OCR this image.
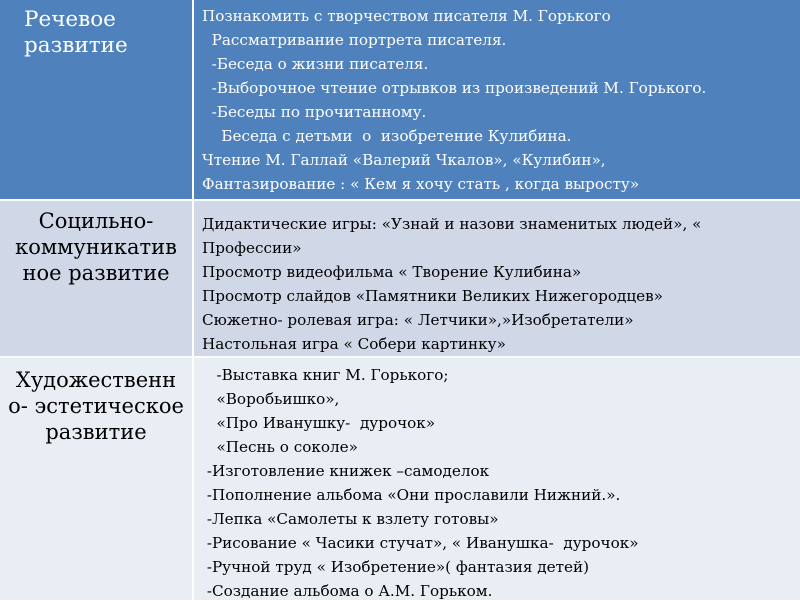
Речевое
развитие
Познакомить с творчеством писателя М. Горького
Рассматривание портрета писателя.
-Беседа о жизни писателя.
-Выборочное чтение отрывков из произведений М. Горького.
-Беседы по прочитанному.
Беседа с детьми  о  изобретение Кулибина.
Чтение М. Галлай «Валерий Чкалов», «Кулибин»,
Фантазирование : « Кем я хочу стать , когда выросту»
Социльно-
коммуникатив
ное развитие
Дидактические игры: «Узнай и назови знаменитых людей», «
Профессии»
Просмотр видеофильма « Творение Кулибина»
Просмотр слайдов «Памятники Великих Нижегородцев»
Сюжетно- ролевая игра: « Летчики»,»Изобретатели»
Настольная игра « Собери картинку»
Художественн
о- эстетическое
развитие
-Выставка книг М. Горького;
«Воробьишко»,
«Про Иванушку-  дурочок»
«Песнь о соколе»
-Изготовление книжек –самоделок
-Пополнение альбома «Они прославили Нижний.».
-Лепка «Самолеты к взлету готовы»
-Рисование « Часики стучат», « Иванушка-  дурочок»
-Ручной труд « Изобретение»( фантазия детей)
-Создание альбома о А.М. Горьком.
